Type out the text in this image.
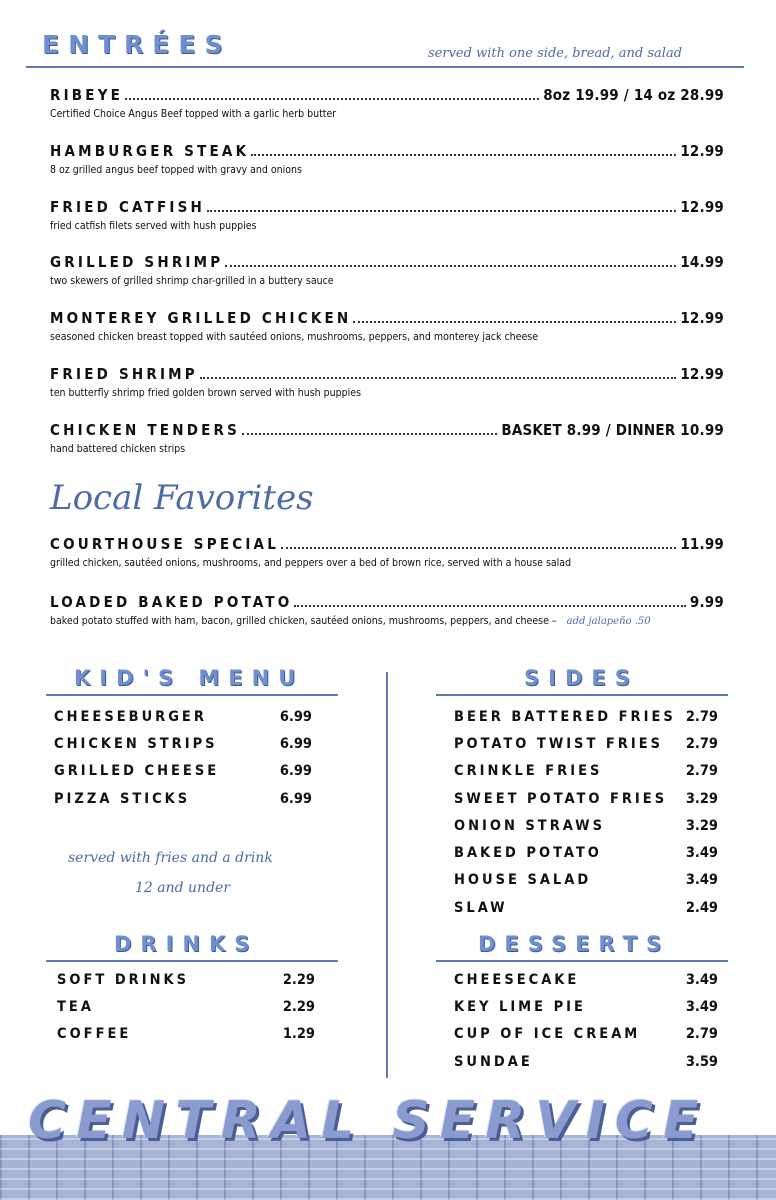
ENTRÉES	served with one side, bread, and salad
RIBEYE	8oz 19.99 / 14 oz 28.99
Certified Choice Angus Beef topped with a garlic herb butter
HAMBURGER STEAK	12.99
8 oz grilled angus beef topped with gravy and onions
FRIED CATFISH	12.99
fried catfish filets served with hush puppies
GRILLED SHRIMP	14.99
two skewers of grilled shrimp char-grilled in a buttery sauce
MONTEREY GRILLED CHICKEN	12.99
seasoned chicken breast topped with sautéed onions, mushrooms, peppers, and monterey jack cheese
FRIED SHRIMP	12.99
ten butterfly shrimp fried golden brown served with hush puppies
CHICKEN TENDERS	BASKET 8.99 / DINNER 10.99
hand battered chicken strips
Local Favorites
COURTHOUSE SPECIAL	11.99
grilled chicken, sautéed onions, mushrooms, and peppers over a bed of brown rice, served with a house salad
LOADED BAKED POTATO	9.99
baked potato stuffed with ham, bacon, grilled chicken, sautéed onions, mushrooms, peppers, and cheese – add jalapeño .50
KID'S MENU
CHEESEBURGER	6.99
CHICKEN STRIPS	6.99
GRILLED CHEESE	6.99
PIZZA STICKS	6.99
served with fries and a drink
12 and under
DRINKS
SOFT DRINKS	2.29
TEA	2.29
COFFEE	1.29
SIDES
BEER BATTERED FRIES 2.79
POTATO TWIST FRIES 2.79
CRINKLE FRIES	2.79
SWEET POTATO FRIES 3.29
ONION STRAWS	3.29
BAKED POTATO	3.49
HOUSE SALAD	3.49
SLAW	2.49
DESSERTS
CHEESECAKE	3.49
KEY LIME PIE	3.49
CUP OF ICE CREAM	2.79
SUNDAE	3.59
CENTRAL SERVICE
